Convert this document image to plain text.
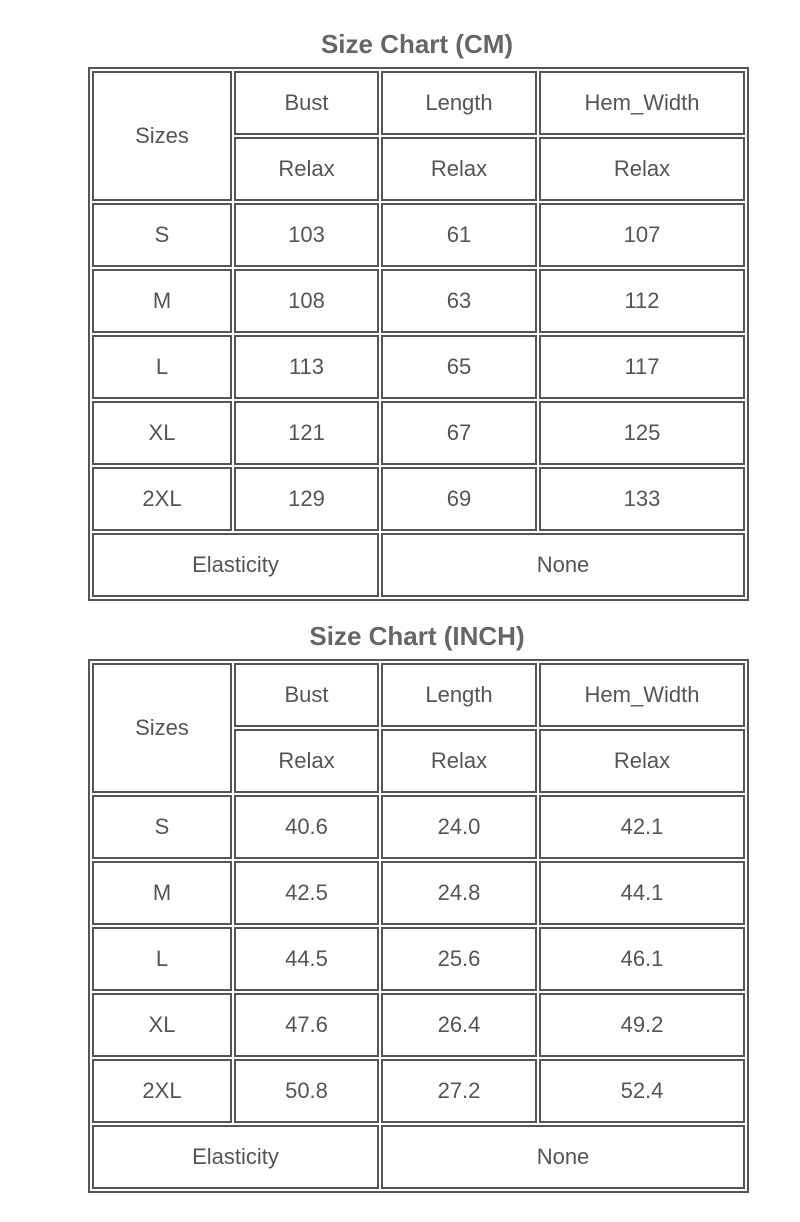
Size Chart (CM)
Sizes	Bust	Length	Hem_Width
	Relax	Relax	Relax
S	103	61	107
M	108	63	112
L	113	65	117
XL	121	67	125
2XL	129	69	133
Elasticity		None	
Size Chart (INCH)
Sizes	Bust	Length	Hem_Width
	Relax	Relax	Relax
S	40.6	24.0	42.1
M	42.5	24.8	44.1
L	44.5	25.6	46.1
XL	47.6	26.4	49.2
2XL	50.8	27.2	52.4
Elasticity		None	
